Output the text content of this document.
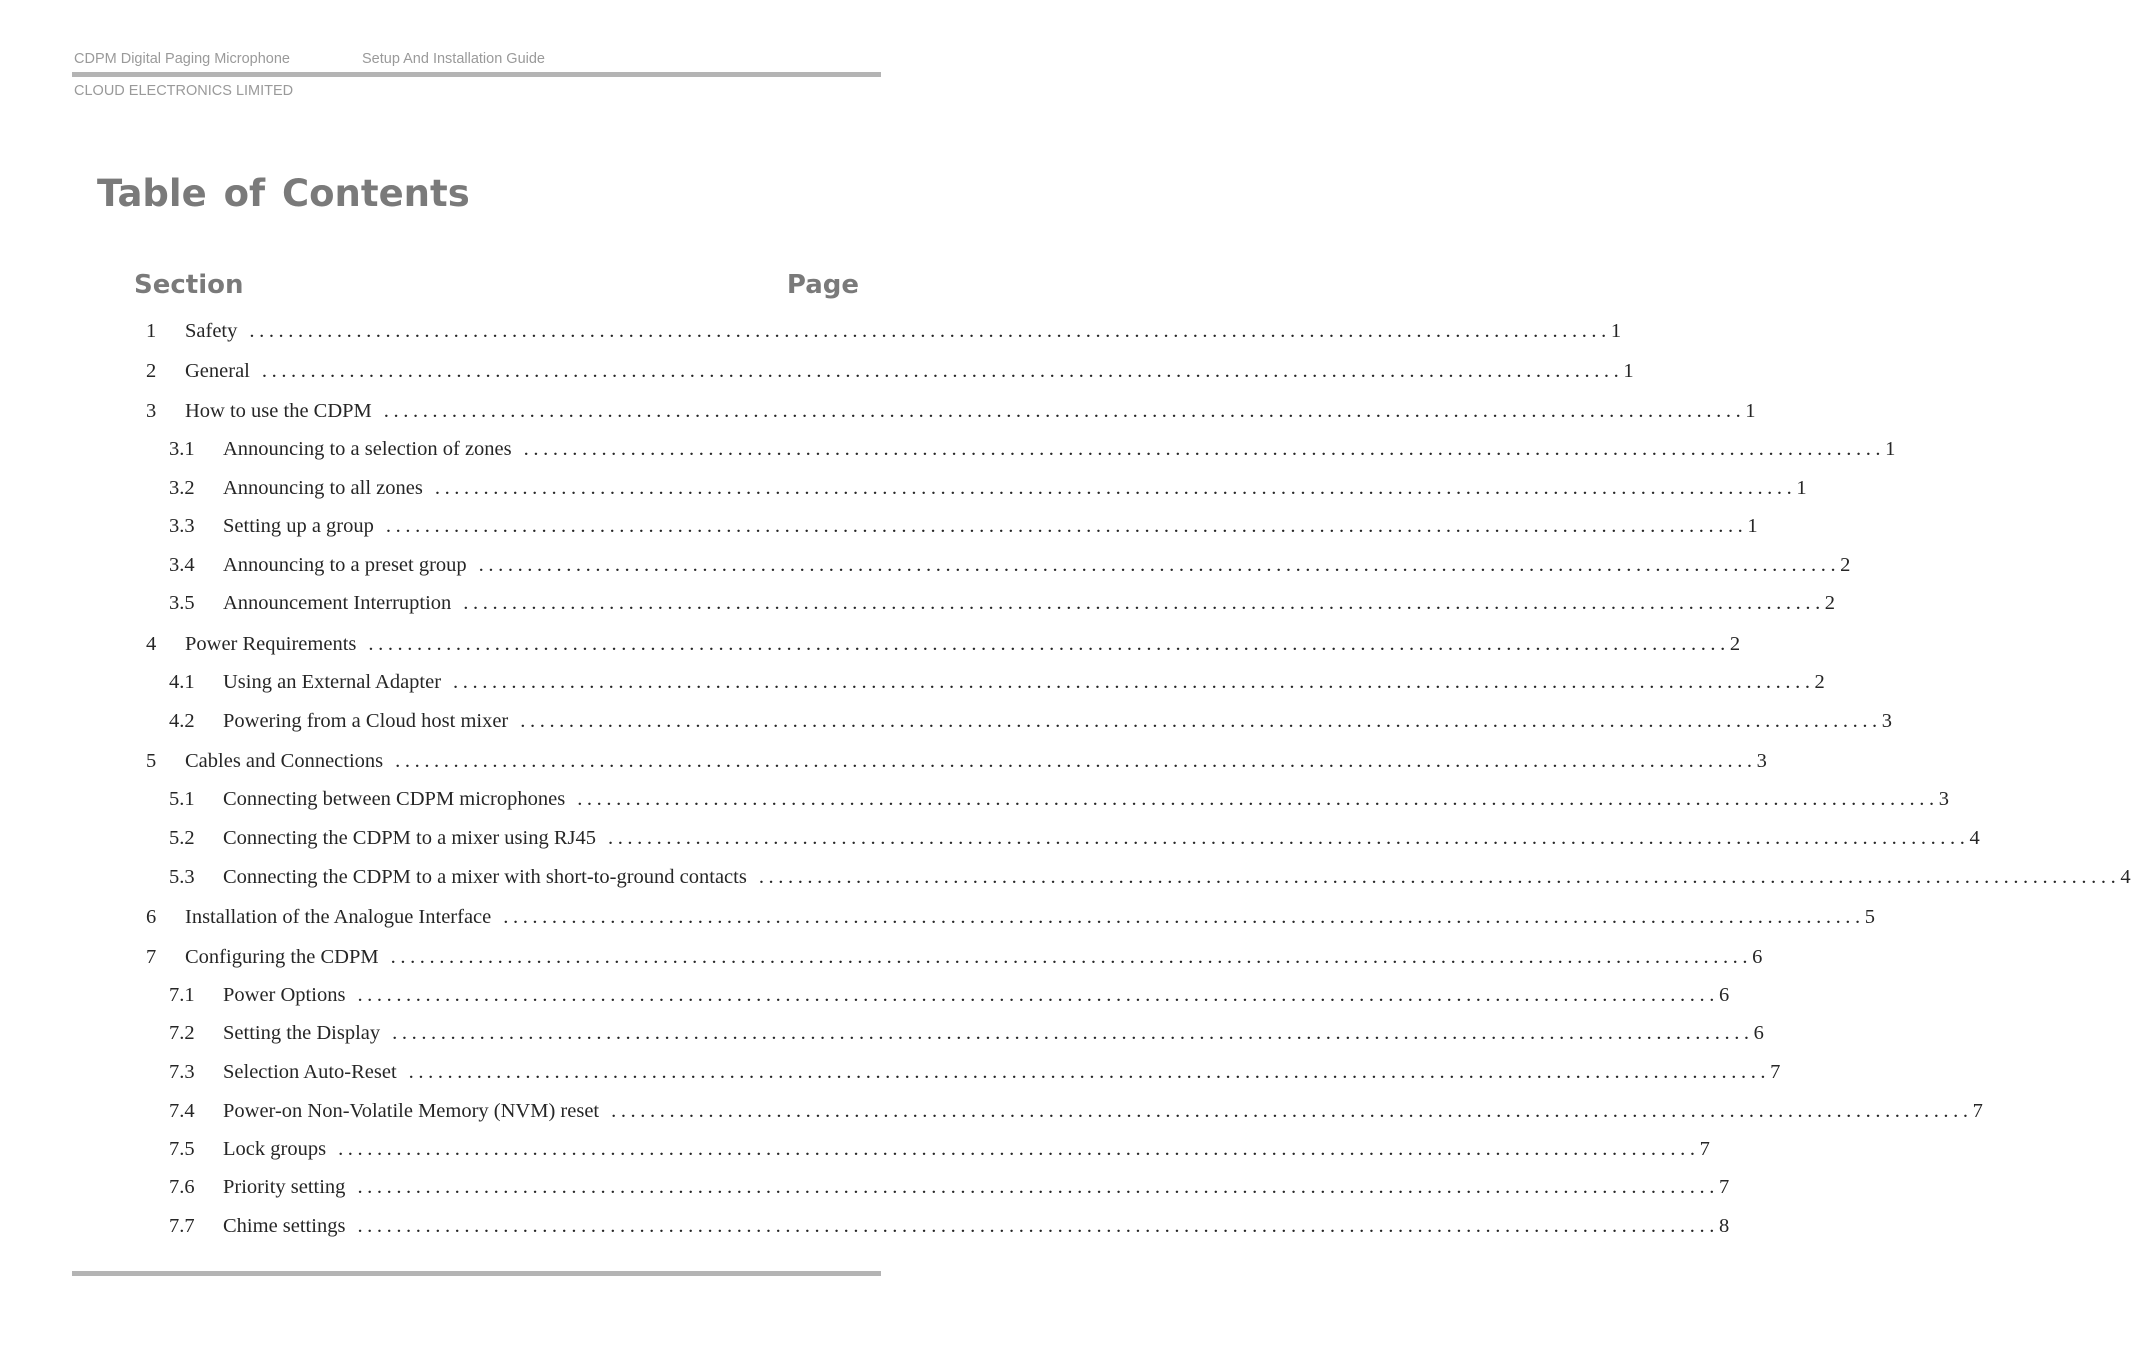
CDPM Digital Paging Microphone	Setup And Installation Guide
CLOUD ELECTRONICS LIMITED
Table of Contents
Section	Page
1	Safety ............................................................................................................................................ 1
2	General ............................................................................................................................................ 1
3	How to use the CDPM ............................................................................................................................................ 1
3.1	Announcing to a selection of zones ............................................................................................................................................ 1
3.2	Announcing to all zones ............................................................................................................................................ 1
3.3	Setting up a group ............................................................................................................................................ 1
3.4	Announcing to a preset group ............................................................................................................................................ 2
3.5	Announcement Interruption ............................................................................................................................................ 2
4	Power Requirements ............................................................................................................................................ 2
4.1	Using an External Adapter ............................................................................................................................................ 2
4.2	Powering from a Cloud host mixer ............................................................................................................................................ 3
5	Cables and Connections ............................................................................................................................................ 3
5.1	Connecting between CDPM microphones ............................................................................................................................................ 3
5.2	Connecting the CDPM to a mixer using RJ45 ............................................................................................................................................ 4
5.3	Connecting the CDPM to a mixer with short-to-ground contacts ............................................................................................................................................ 4
6	Installation of the Analogue Interface ............................................................................................................................................ 5
7	Configuring the CDPM ............................................................................................................................................ 6
7.1	Power Options ............................................................................................................................................ 6
7.2	Setting the Display ............................................................................................................................................ 6
7.3	Selection Auto-Reset ............................................................................................................................................ 7
7.4	Power-on Non-Volatile Memory (NVM) reset ............................................................................................................................................ 7
7.5	Lock groups ............................................................................................................................................ 7
7.6	Priority setting ............................................................................................................................................ 7
7.7	Chime settings ............................................................................................................................................ 8
